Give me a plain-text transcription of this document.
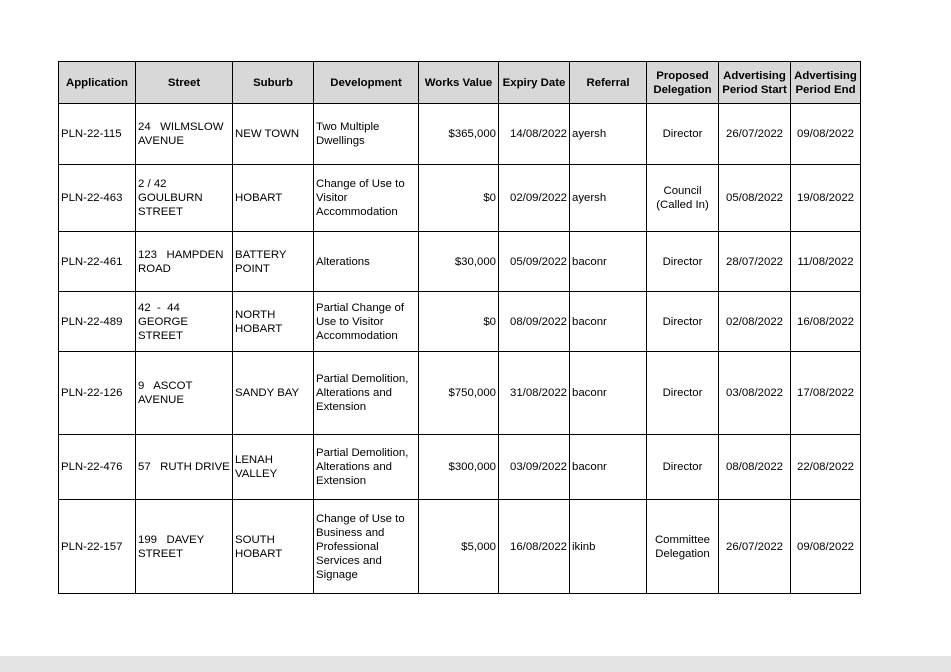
Application	Street	Suburb	Development	Works Value	Expiry Date	Referral	Proposed Delegation	Advertising Period Start	Advertising Period End
PLN-22-115	24   WILMSLOW AVENUE	NEW TOWN	Two Multiple Dwellings	$365,000	14/08/2022	ayersh	Director	26/07/2022	09/08/2022
PLN-22-463	2 / 42 GOULBURN STREET	HOBART	Change of Use to Visitor Accommodation	$0	02/09/2022	ayersh	Council (Called In)	05/08/2022	19/08/2022
PLN-22-461	123   HAMPDEN ROAD	BATTERY POINT	Alterations	$30,000	05/09/2022	baconr	Director	28/07/2022	11/08/2022
PLN-22-489	42  -  44 GEORGE STREET	NORTH HOBART	Partial Change of Use to Visitor Accommodation	$0	08/09/2022	baconr	Director	02/08/2022	16/08/2022
PLN-22-126	9   ASCOT AVENUE	SANDY BAY	Partial Demolition, Alterations and Extension	$750,000	31/08/2022	baconr	Director	03/08/2022	17/08/2022
PLN-22-476	57   RUTH DRIVE	LENAH VALLEY	Partial Demolition, Alterations and Extension	$300,000	03/09/2022	baconr	Director	08/08/2022	22/08/2022
PLN-22-157	199   DAVEY STREET	SOUTH HOBART	Change of Use to Business and Professional Services and Signage	$5,000	16/08/2022	ikinb	Committee Delegation	26/07/2022	09/08/2022
